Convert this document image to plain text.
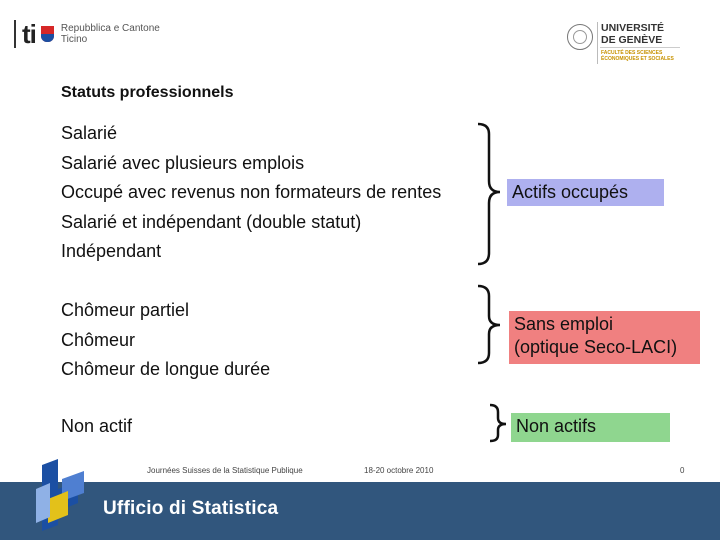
ti	Repubblica e Cantone
Ticino
UNIVERSITÉ
DE GENÈVE
FACULTÉ DES SCIENCES
ÉCONOMIQUES ET SOCIALES
Statuts professionnels
Salarié
Salarié avec plusieurs emplois
Occupé avec revenus non formateurs de rentes
Salarié et indépendant (double statut)
Indépendant
Chômeur partiel
Chômeur
Chômeur de longue durée
Non actif
Actifs occupés
Sans emploi
(optique Seco-LACI)
Non actifs
Journées Suisses de la Statistique Publique	18-20 octobre 2010	0
Ufficio di Statistica
